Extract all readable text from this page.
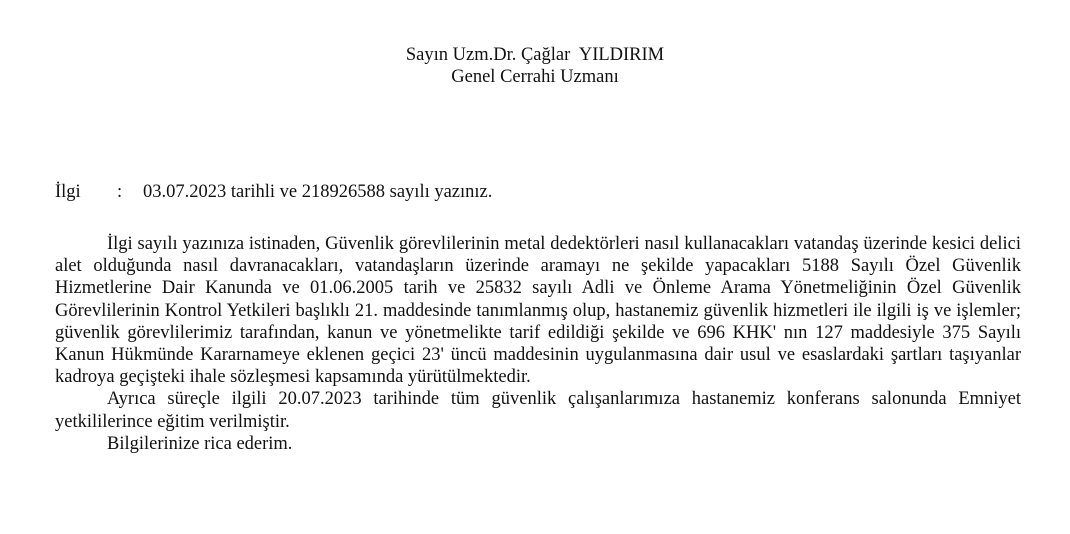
Sayın Uzm.Dr. Çağlar  YILDIRIM
Genel Cerrahi Uzmanı
İlgi : 03.07.2023 tarihli ve 218926588 sayılı yazınız.

İlgi sayılı yazınıza istinaden, Güvenlik görevlilerinin metal dedektörleri nasıl kullanacakları vatandaş üzerinde kesici delici alet olduğunda nasıl davranacakları, vatandaşların üzerinde aramayı ne şekilde yapacakları 5188 Sayılı Özel Güvenlik Hizmetlerine Dair Kanunda ve 01.06.2005 tarih ve 25832 sayılı Adli ve Önleme Arama Yönetmeliğinin Özel Güvenlik Görevlilerinin Kontrol Yetkileri başlıklı 21. maddesinde tanımlanmış olup, hastanemiz güvenlik hizmetleri ile ilgili iş ve işlemler; güvenlik görevlilerimiz tarafından, kanun ve yönetmelikte tarif edildiği şekilde ve 696 KHK' nın 127 maddesiyle 375 Sayılı Kanun Hükmünde Kararnameye eklenen geçici 23' üncü maddesinin uygulanmasına dair usul ve esaslardaki şartları taşıyanlar kadroya geçişteki ihale sözleşmesi kapsamında yürütülmektedir.

Ayrıca süreçle ilgili 20.07.2023 tarihinde tüm güvenlik çalışanlarımıza hastanemiz konferans salonunda Emniyet yetkililerince eğitim verilmiştir.

Bilgilerinize rica ederim.
